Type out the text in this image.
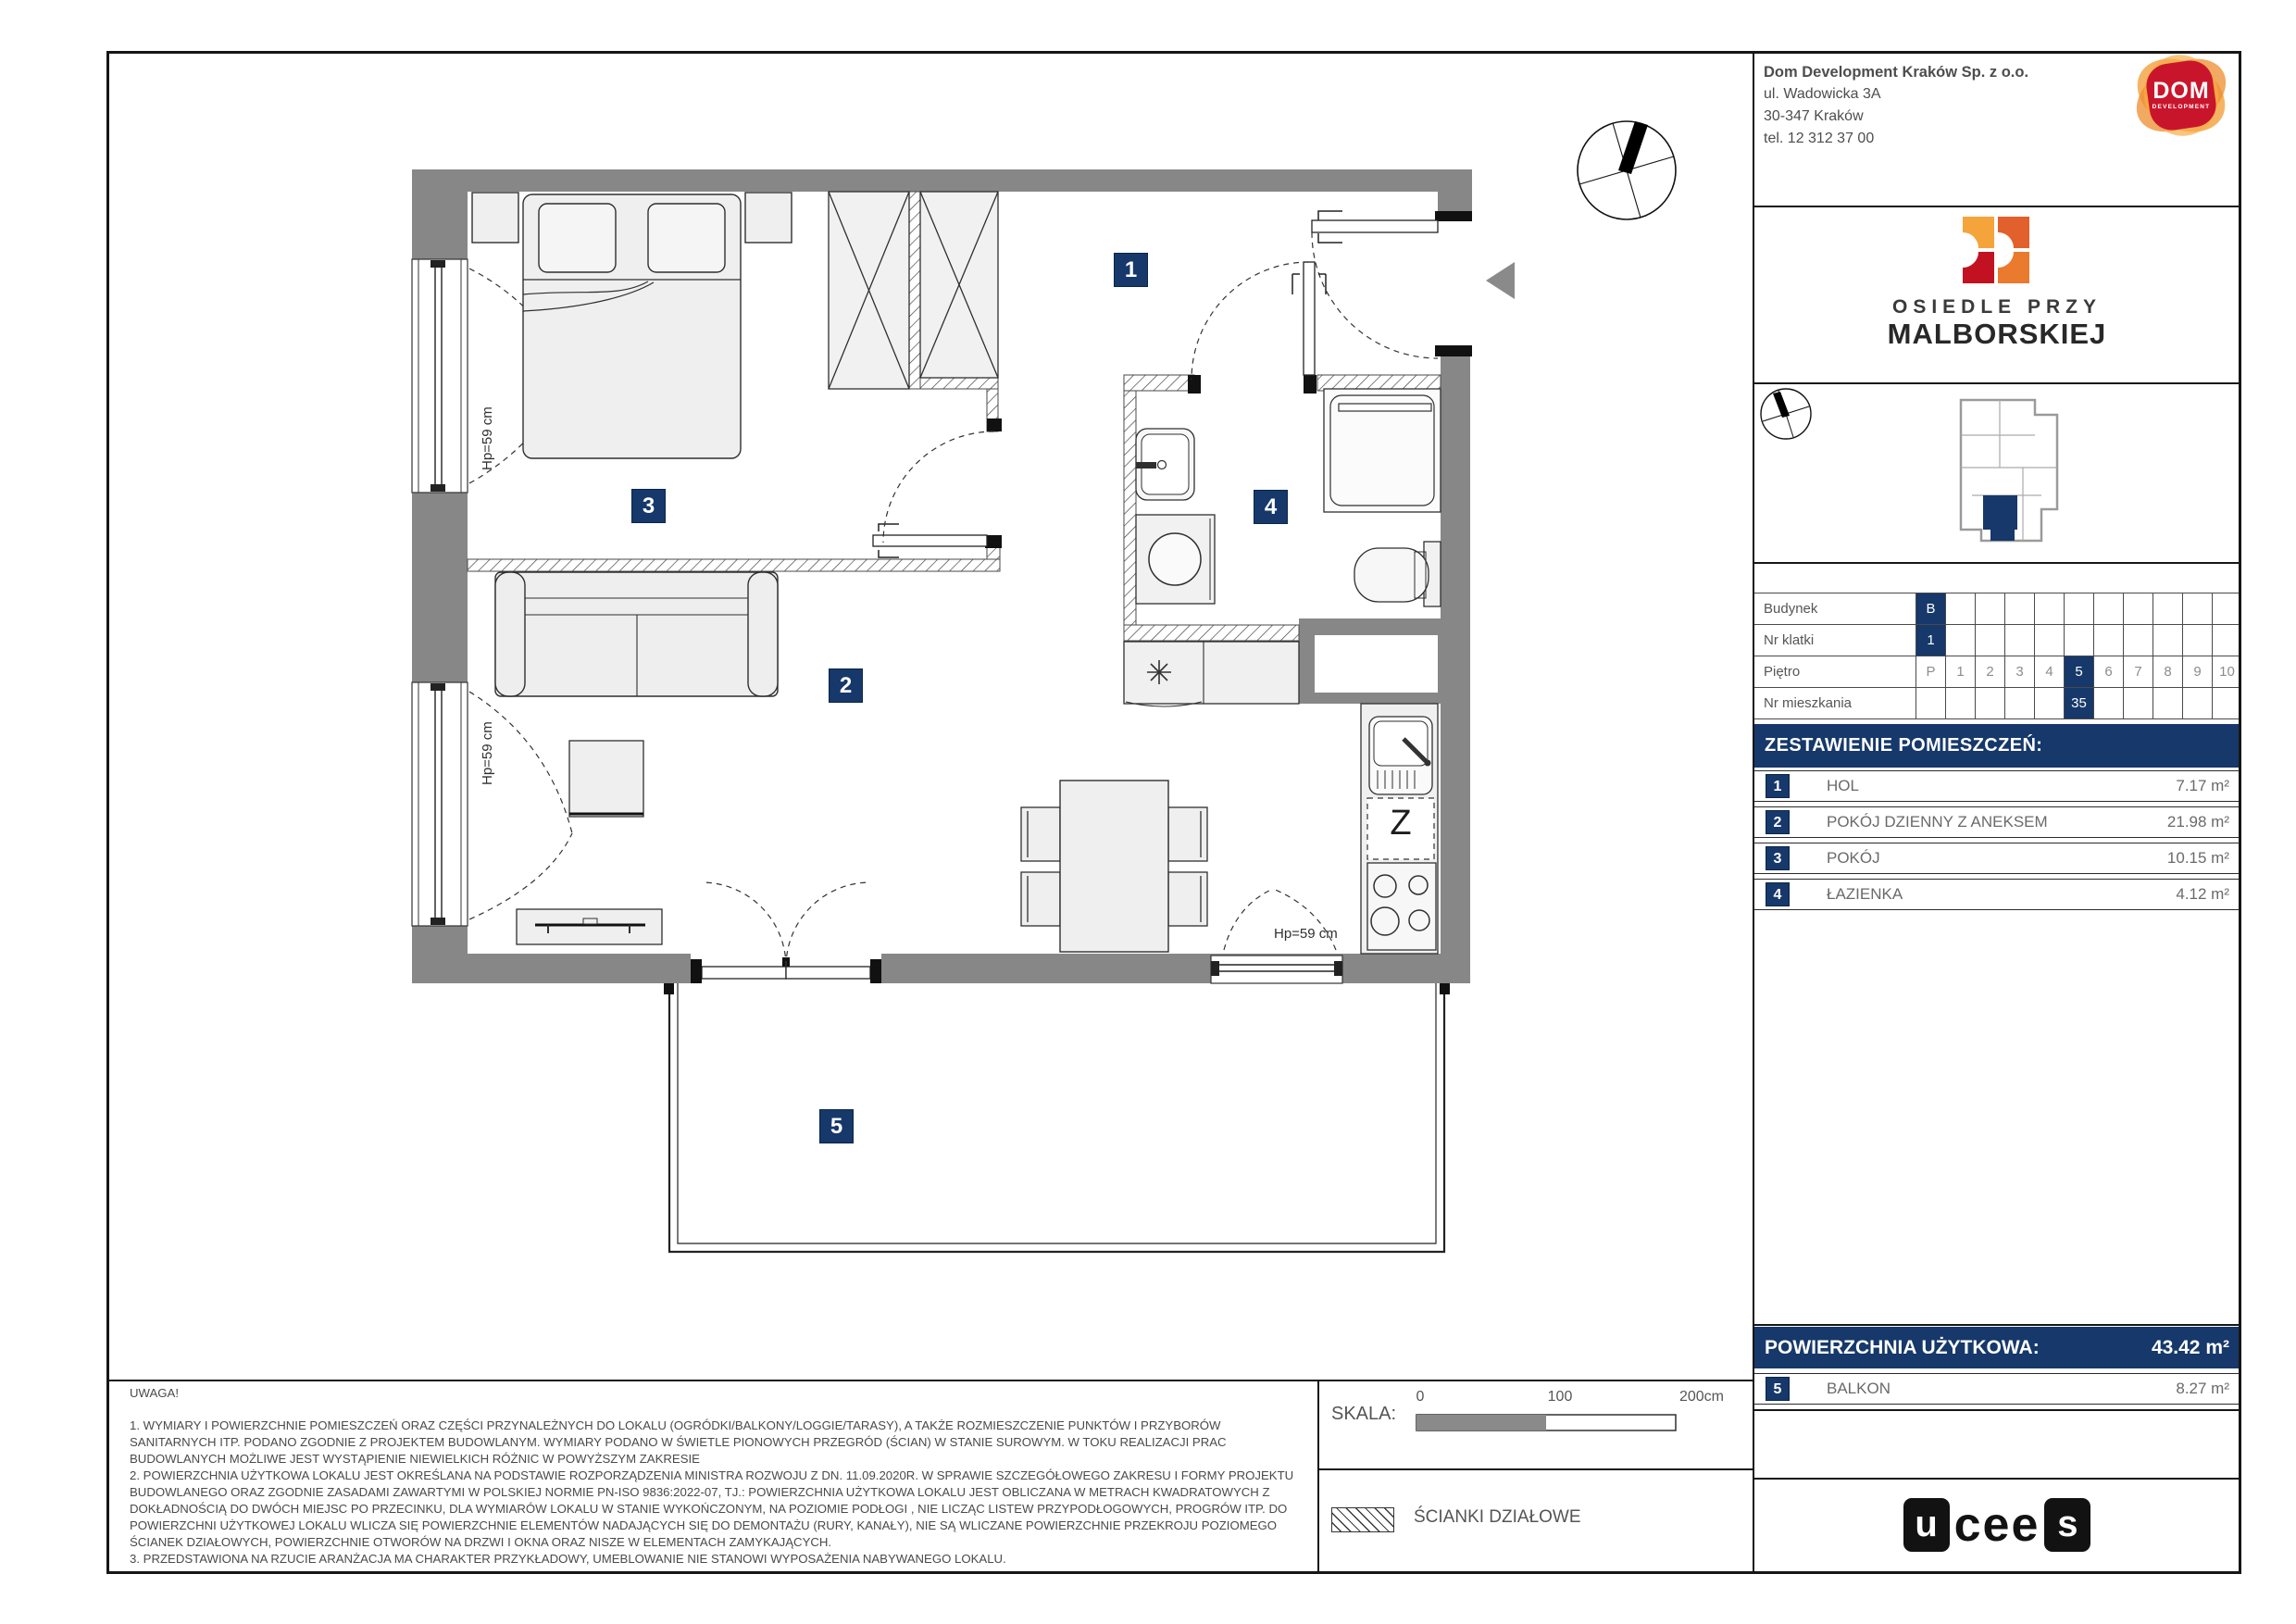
1
2
3	4
5
Hp=59 cm
Hp=59 cm
Hp=59 cm
Z
Dom Development Kraków Sp. z o.o.
ul. Wadowicka 3A
30-347 Kraków
tel. 12 312 37 00
DOM
DEVELOPMENT
OSIEDLE PRZY
MALBORSKIEJ
Budynek	B
Nr klatki	1
Piętro	P	1	2	3	4	5	6	7	8	9	10
Nr mieszkania	35
ZESTAWIENIE POMIESZCZEŃ:
1	HOL	7.17 m²
2	POKÓJ DZIENNY Z ANEKSEM	21.98 m²
3	POKÓJ	10.15 m²
4	ŁAZIENKA	4.12 m²
POWIERZCHNIA UŻYTKOWA:	43.42 m²
5	BALKON	8.27 m²
u cee s
UWAGA!
1. WYMIARY I POWIERZCHNIE POMIESZCZEŃ ORAZ CZĘŚCI PRZYNALEŻNYCH DO LOKALU (OGRÓDKI/BALKONY/LOGGIE/TARASY), A TAKŻE ROZMIESZCZENIE PUNKTÓW I PRZYBORÓW SANITARNYCH ITP. PODANO ZGODNIE Z PROJEKTEM BUDOWLANYM. WYMIARY PODANO W ŚWIETLE PIONOWYCH PRZEGRÓD (ŚCIAN) W STANIE SUROWYM. W TOKU REALIZACJI PRAC BUDOWLANYCH MOŻLIWE JEST WYSTĄPIENIE NIEWIELKICH RÓŻNIC W POWYŻSZYM ZAKRESIE
2. POWIERZCHNIA UŻYTKOWA LOKALU JEST OKREŚLANA NA PODSTAWIE ROZPORZĄDZENIA MINISTRA ROZWOJU Z DN. 11.09.2020R. W SPRAWIE SZCZEGÓŁOWEGO ZAKRESU I FORMY PROJEKTU BUDOWLANEGO ORAZ ZGODNIE ZASADAMI ZAWARTYMI W POLSKIEJ NORMIE PN-ISO 9836:2022-07, TJ.: POWIERZCHNIA UŻYTKOWA LOKALU JEST OBLICZANA W METRACH KWADRATOWYCH Z DOKŁADNOŚCIĄ DO DWÓCH MIEJSC PO PRZECINKU, DLA WYMIARÓW LOKALU W STANIE WYKOŃCZONYM, NA POZIOMIE PODŁOGI , NIE LICZĄC LISTEW PRZYPODŁOGOWYCH, PROGRÓW ITP. DO POWIERZCHNI UŻYTKOWEJ LOKALU WLICZA SIĘ POWIERZCHNIE ELEMENTÓW NADAJĄCYCH SIĘ DO DEMONTAŻU (RURY, KANAŁY), NIE SĄ WLICZANE POWIERZCHNIE PRZEKROJU POZIOMEGO ŚCIANEK DZIAŁOWYCH, POWIERZCHNIE OTWORÓW NA DRZWI I OKNA ORAZ NISZE W ELEMENTACH ZAMYKAJĄCYCH.
3. PRZEDSTAWIONA NA RZUCIE ARANŻACJA MA CHARAKTER PRZYKŁADOWY, UMEBLOWANIE NIE STANOWI WYPOSAŻENIA NABYWANEGO LOKALU.
SKALA:
0	100	200cm
ŚCIANKI DZIAŁOWE
